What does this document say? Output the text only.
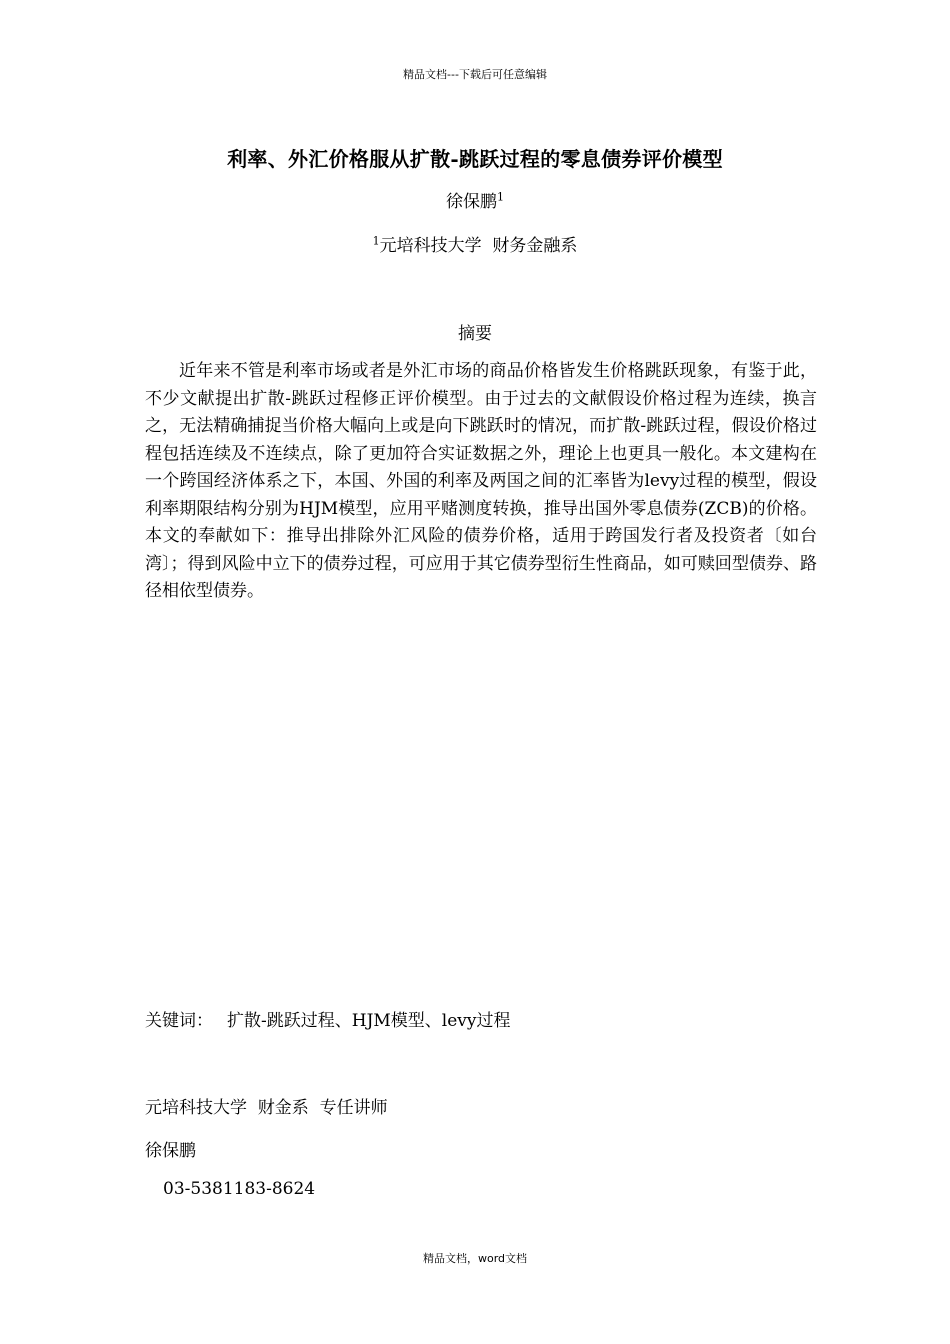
精品文档---下载后可任意编辑
利率、外汇价格服从扩散-跳跃过程的零息债券评价模型
徐保鹏$^1$
$^1$元培科技大学  财务金融系
摘要
近年来不管是利率市场或者是外汇市场的商品价格皆发生价格跳跃现象，有鉴于此，不少文献提出扩散-跳跃过程修正评价模型。由于过去的文献假设价格过程为连续，换言之，无法精确捕捉当价格大幅向上或是向下跳跃时的情况，而扩散-跳跃过程，假设价格过程包括连续及不连续点，除了更加符合实证数据之外，理论上也更具一般化。本文建构在一个跨国经济体系之下，本国、外国的利率及两国之间的汇率皆为levy过程的模型，假设利率期限结构分别为HJM模型，应用平赌测度转换，推导出国外零息债券(ZCB)的价格。本文的奉献如下：推导出排除外汇风险的债券价格，适用于跨国发行者及投资者〔如台湾〕；得到风险中立下的债券过程，可应用于其它债券型衍生性商品，如可赎回型债券、路径相依型债券。
关键词： 扩散-跳跃过程、HJM模型、levy过程
元培科技大学  财金系  专任讲师
徐保鹏
03-5381183-8624
精品文档，word文档
